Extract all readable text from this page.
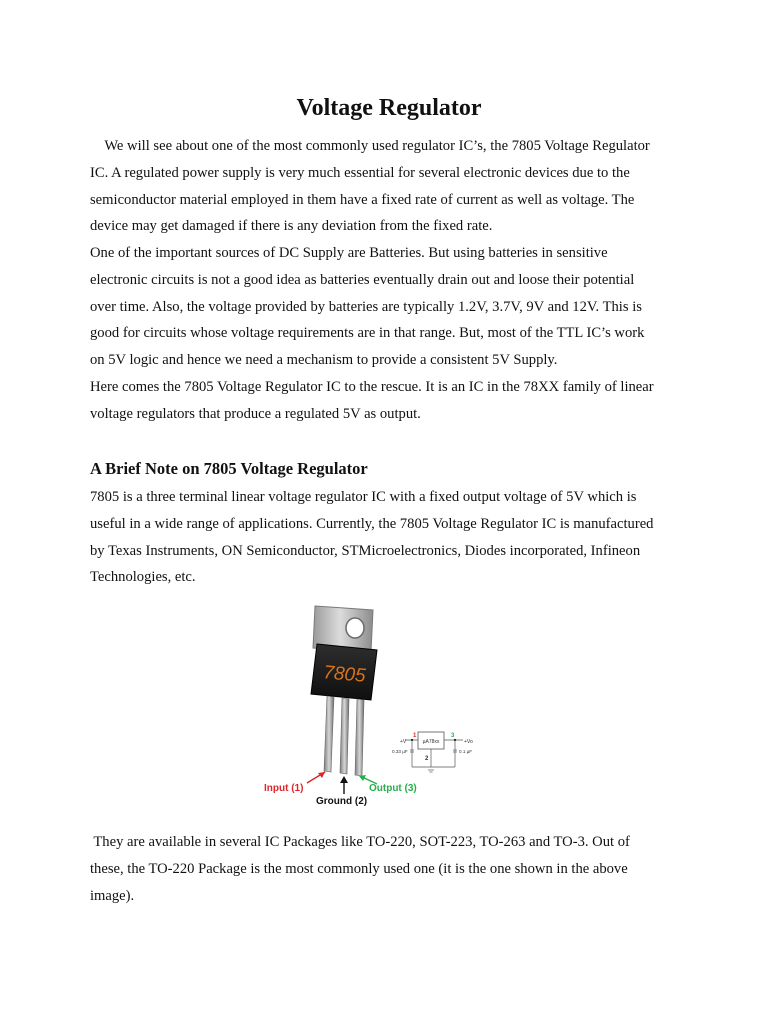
Voltage Regulator

We will see about one of the most commonly used regulator IC’s, the 7805 Voltage Regulator
IC. A regulated power supply is very much essential for several electronic devices due to the
semiconductor material employed in them have a fixed rate of current as well as voltage. The
device may get damaged if there is any deviation from the fixed rate.

One of the important sources of DC Supply are Batteries. But using batteries in sensitive
electronic circuits is not a good idea as batteries eventually drain out and loose their potential
over time. Also, the voltage provided by batteries are typically 1.2V, 3.7V, 9V and 12V. This is
good for circuits whose voltage requirements are in that range. But, most of the TTL IC’s work
on 5V logic and hence we need a mechanism to provide a consistent 5V Supply.

Here comes the 7805 Voltage Regulator IC to the rescue. It is an IC in the 78XX family of linear
voltage regulators that produce a regulated 5V as output.

A Brief Note on 7805 Voltage Regulator

7805 is a three terminal linear voltage regulator IC with a fixed output voltage of 5V which is
useful in a wide range of applications. Currently, the 7805 Voltage Regulator IC is manufactured
by Texas Instruments, ON Semiconductor, STMicroelectronics, Diodes incorporated, Infineon
Technologies, etc.

7805
Input (1)
Ground (2)
Output (3)
µA78xx
+V	+Vo
1	3
2
0.33 µF	0.1 µF

They are available in several IC Packages like TO-220, SOT-223, TO-263 and TO-3. Out of
these, the TO-220 Package is the most commonly used one (it is the one shown in the above
image).
